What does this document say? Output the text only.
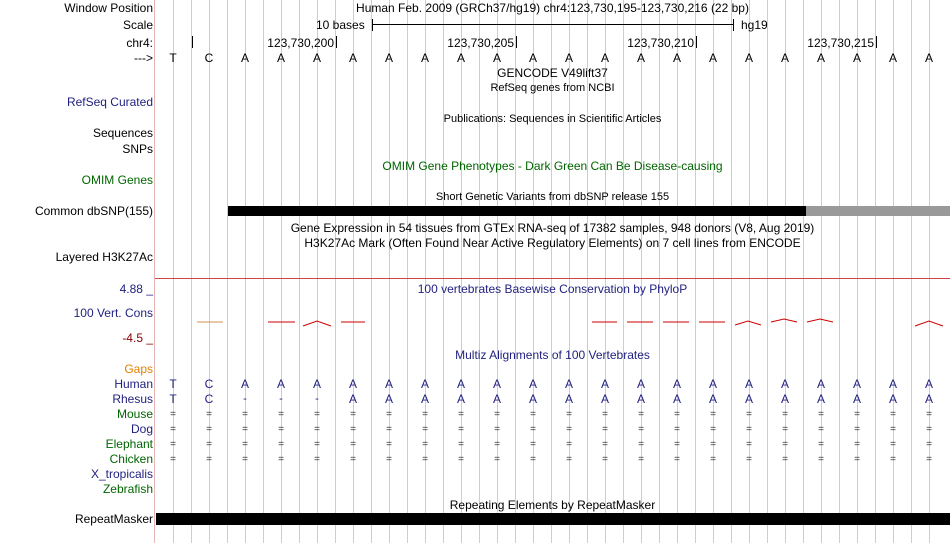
Window Position	Human Feb. 2009 (GRCh37/hg19) chr4:123,730,195-123,730,216 (22 bp)
Scale	10 bases	hg19
chr4:	123,730,200	123,730,205	123,730,210	123,730,215
--->	T	C	A	A	A	A	A	A	A	A	A	A	A	A	A	A	A	A	A	A	A	A
GENCODE V49lift37
RefSeq genes from NCBI
RefSeq Curated
Publications: Sequences in Scientific Articles
Sequences
SNPs
OMIM Gene Phenotypes - Dark Green Can Be Disease-causing
OMIM Genes
Short Genetic Variants from dbSNP release 155
Common dbSNP(155)
Gene Expression in 54 tissues from GTEx RNA-seq of 17382 samples, 948 donors (V8, Aug 2019)
H3K27Ac Mark (Often Found Near Active Regulatory Elements) on 7 cell lines from ENCODE
Layered H3K27Ac
4.88 _	100 vertebrates Basewise Conservation by PhyloP
100 Vert. Cons
-4.5 _
Multiz Alignments of 100 Vertebrates
Gaps
Human	T	C	A	A	A	A	A	A	A	A	A	A	A	A	A	A	A	A	A	A	A	A
Rhesus	T	C	-	-	-	A	A	A	A	A	A	A	A	A	A	A	A	A	A	A	A	A
Mouse	=	=	=	=	=	=	=	=	=	=	=	=	=	=	=	=	=	=	=	=	=	=
Dog	=	=	=	=	=	=	=	=	=	=	=	=	=	=	=	=	=	=	=	=	=	=
Elephant	=	=	=	=	=	=	=	=	=	=	=	=	=	=	=	=	=	=	=	=	=	=
Chicken	=	=	=	=	=	=	=	=	=	=	=	=	=	=	=	=	=	=	=	=	=	=
X_tropicalis
Zebrafish
Repeating Elements by RepeatMasker
RepeatMasker
